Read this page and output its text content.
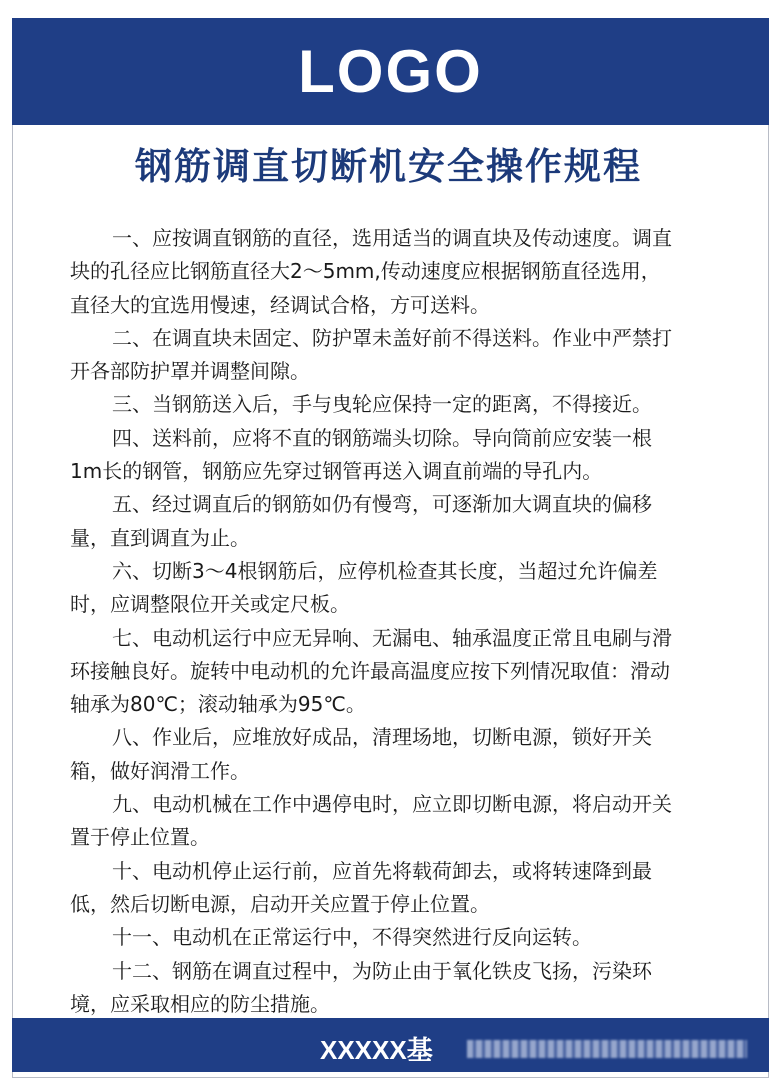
LOGO
钢筋调直切断机安全操作规程
一、应按调直钢筋的直径，选用适当的调直块及传动速度。调直
块的孔径应比钢筋直径大2～5mm,传动速度应根据钢筋直径选用，
直径大的宜选用慢速，经调试合格，方可送料。
二、在调直块未固定、防护罩未盖好前不得送料。作业中严禁打
开各部防护罩并调整间隙。
三、当钢筋送入后，手与曳轮应保持一定的距离，不得接近。
四、送料前，应将不直的钢筋端头切除。导向筒前应安装一根
1m长的钢管，钢筋应先穿过钢管再送入调直前端的导孔内。
五、经过调直后的钢筋如仍有慢弯，可逐渐加大调直块的偏移
量，直到调直为止。
六、切断3～4根钢筋后，应停机检查其长度，当超过允许偏差
时，应调整限位开关或定尺板。
七、电动机运行中应无异响、无漏电、轴承温度正常且电刷与滑
环接触良好。旋转中电动机的允许最高温度应按下列情况取值：滑动
轴承为80℃；滚动轴承为95℃。
八、作业后，应堆放好成品，清理场地，切断电源，锁好开关
箱，做好润滑工作。
九、电动机械在工作中遇停电时，应立即切断电源，将启动开关
置于停止位置。
十、电动机停止运行前，应首先将载荷卸去，或将转速降到最
低，然后切断电源，启动开关应置于停止位置。
十一、电动机在正常运行中，不得突然进行反向运转。
十二、钢筋在调直过程中，为防止由于氧化铁皮飞扬，污染环
境，应采取相应的防尘措施。
XXXXX基
